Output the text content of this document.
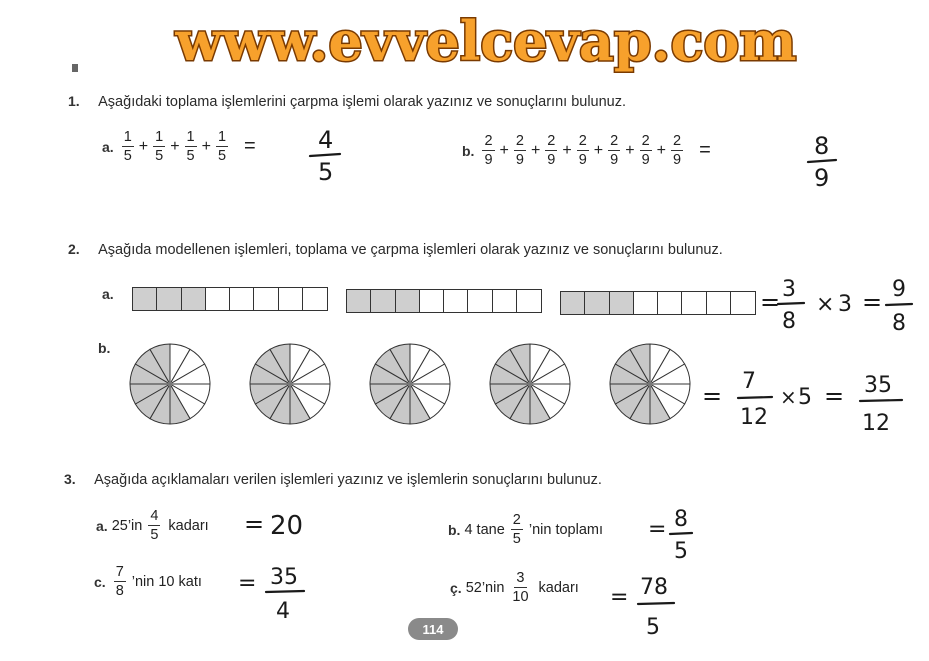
www.evvelcevap.com
1. Aşağıdaki toplama işlemlerini çarpma işlemi olarak yazınız ve sonuçlarını bulunuz.
a. $\frac{1}{5} + \frac{1}{5} + \frac{1}{5} + \frac{1}{5}$ =	4
5
b. $\frac{2}{9} + \frac{2}{9} + \frac{2}{9} + \frac{2}{9} + \frac{2}{9} + \frac{2}{9} + \frac{2}{9}$ =	8
9
2. Aşağıda modellenen işlemleri, toplama ve çarpma işlemleri olarak yazınız ve sonuçlarını bulunuz.
a.	= 3
8
× 3 = 9
8
b.
=
7
12
× 5 = 35
12
3. Aşağıda açıklamaları verilen işlemleri yazınız ve işlemlerin sonuçlarını bulunuz.
a. 25’in $\frac{4}{5}$ kadarı = 20	b. 4 tane $\frac{2}{5}$ ’nin toplamı = 8
5
c. $\frac{7}{8}$ ’nin 10 katı = 35
4
ç. 52’nin $\frac{3}{10}$ kadarı = 78
5
114
